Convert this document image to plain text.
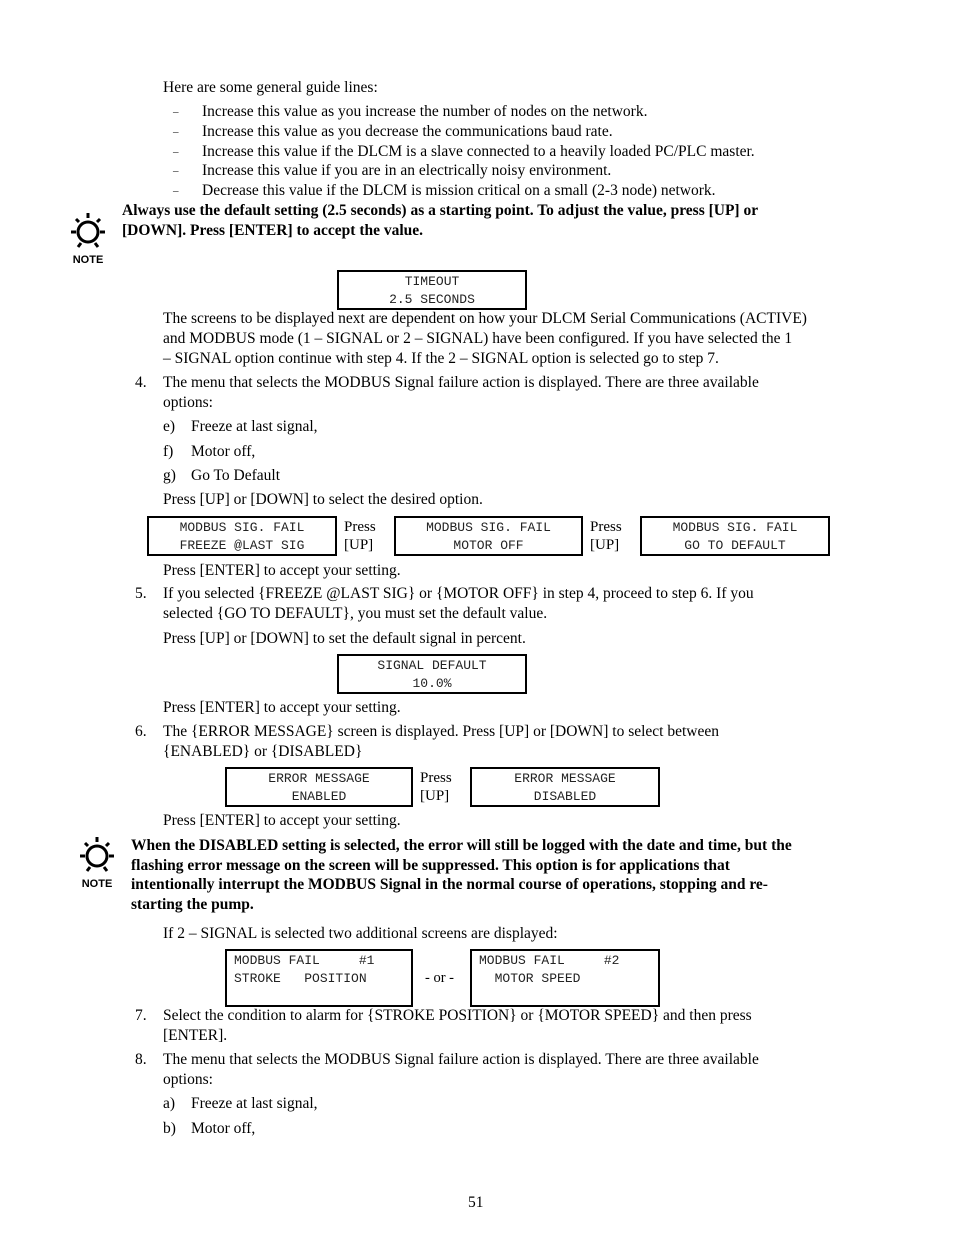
Here are some general guide lines:
– Increase this value as you increase the number of nodes on the network.
– Increase this value as you decrease the communications baud rate.
– Increase this value if the DLCM is a slave connected to a heavily loaded PC/PLC master.
– Increase this value if you are in an electrically noisy environment.
– Decrease this value if the DLCM is mission critical on a small (2-3 node) network.
NOTE
Always use the default setting (2.5 seconds) as a starting point. To adjust the value, press [UP] or
[DOWN]. Press [ENTER] to accept the value.
TIMEOUT
2.5 SECONDS
The screens to be displayed next are dependent on how your DLCM Serial Communications (ACTIVE)
and MODBUS mode (1 – SIGNAL or 2 – SIGNAL) have been configured. If you have selected the 1
– SIGNAL option continue with step 4. If the 2 – SIGNAL option is selected go to step 7.
4. The menu that selects the MODBUS Signal failure action is displayed. There are three available
options:
e) Freeze at last signal,
f) Motor off,
g) Go To Default
Press [UP] or [DOWN] to select the desired option.
MODBUS SIG. FAIL
FREEZE @LAST SIG
Press
[UP]
MODBUS SIG. FAIL
MOTOR OFF
Press
[UP]
MODBUS SIG. FAIL
GO TO DEFAULT
Press [ENTER] to accept your setting.
5. If you selected {FREEZE @LAST SIG} or {MOTOR OFF} in step 4, proceed to step 6. If you
selected {GO TO DEFAULT}, you must set the default value.
Press [UP] or [DOWN] to set the default signal in percent.
SIGNAL DEFAULT
10.0%
Press [ENTER] to accept your setting.
6. The {ERROR MESSAGE} screen is displayed. Press [UP] or [DOWN] to select between
{ENABLED} or {DISABLED}
ERROR MESSAGE
ENABLED
Press
[UP]
ERROR MESSAGE
DISABLED
Press [ENTER] to accept your setting.
NOTE
When the DISABLED setting is selected, the error will still be logged with the date and time, but the
flashing error message on the screen will be suppressed. This option is for applications that
intentionally interrupt the MODBUS Signal in the normal course of operations, stopping and re-
starting the pump.
If 2 – SIGNAL is selected two additional screens are displayed:
MODBUS FAIL     #1
STROKE   POSITION	- or -
MODBUS FAIL     #2
MOTOR SPEED
7. Select the condition to alarm for {STROKE POSITION} or {MOTOR SPEED} and then press
[ENTER].
8. The menu that selects the MODBUS Signal failure action is displayed. There are three available
options:
a) Freeze at last signal,
b) Motor off,
51
